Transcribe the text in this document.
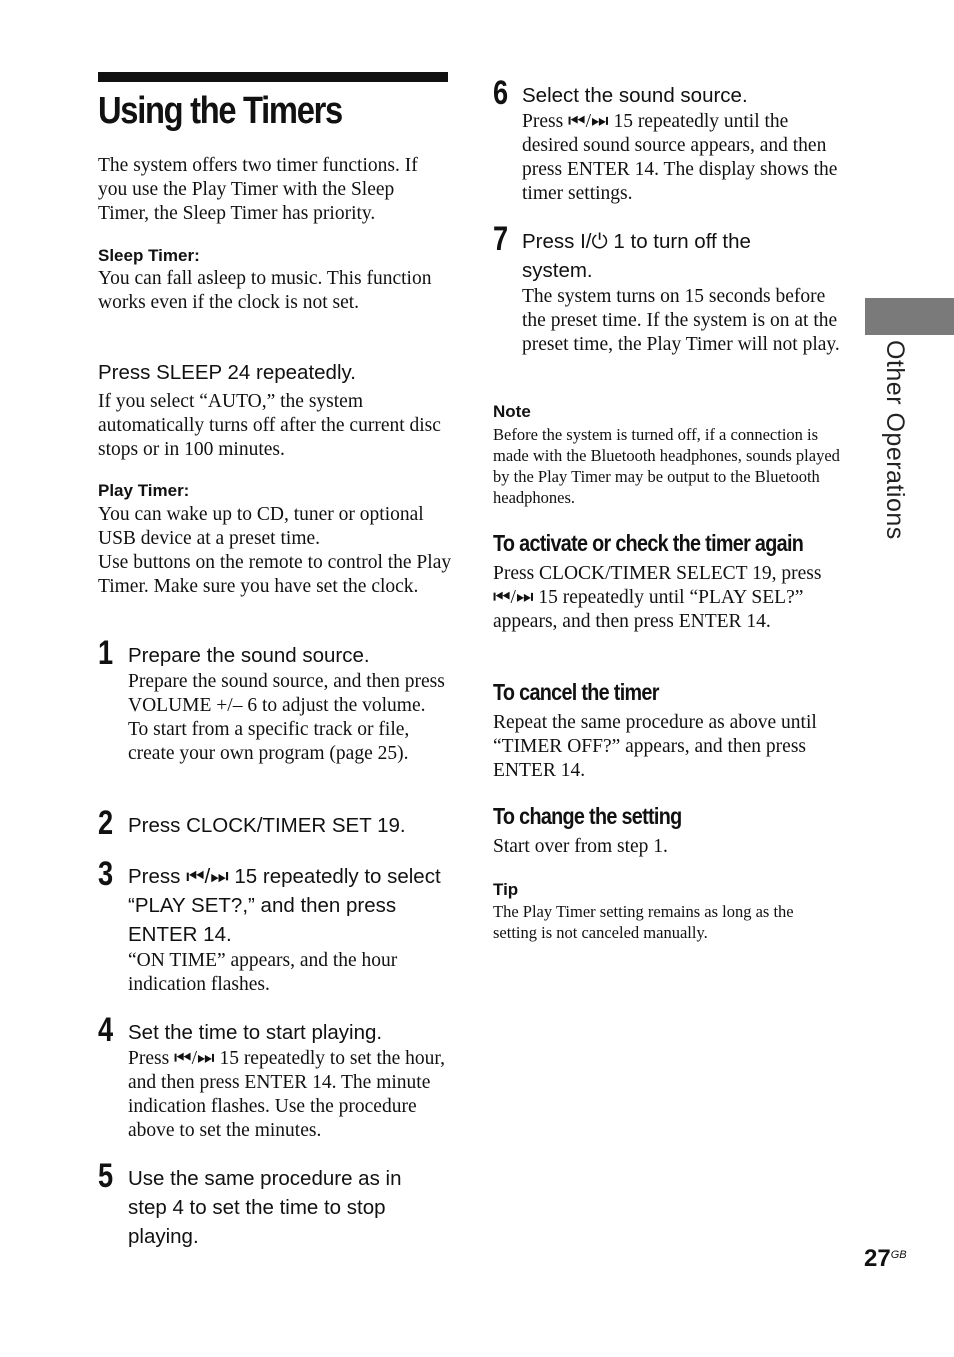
Using the Timers

The system offers two timer functions. If you use the Play Timer with the Sleep Timer, the Sleep Timer has priority.

Sleep Timer:

You can fall asleep to music. This function works even if the clock is not set.

Press SLEEP 24 repeatedly.

If you select “AUTO,” the system automatically turns off after the current disc stops or in 100 minutes.

Play Timer:

You can wake up to CD, tuner or optional USB device at a preset time.

Use buttons on the remote to control the Play Timer. Make sure you have set the clock.

1 Prepare the sound source.

Prepare the sound source, and then press VOLUME +/– 6 to adjust the volume.

To start from a specific track or file, create your own program (page 25).

2 Press CLOCK/TIMER SET 19.

3 Press ⏮/⏭ 15 repeatedly to select “PLAY SET?,” and then press ENTER 14.

“ON TIME” appears, and the hour indication flashes.

4 Set the time to start playing.

Press ⏮/⏭ 15 repeatedly to set the hour, and then press ENTER 14. The minute indication flashes. Use the procedure above to set the minutes.

5 Use the same procedure as in step 4 to set the time to stop playing.

6 Select the sound source.

Press ⏮/⏭ 15 repeatedly until the desired sound source appears, and then press ENTER 14. The display shows the timer settings.

7 Press I/⏻ 1 to turn off the system.

The system turns on 15 seconds before the preset time. If the system is on at the preset time, the Play Timer will not play.

Note

Before the system is turned off, if a connection is made with the Bluetooth headphones, sounds played by the Play Timer may be output to the Bluetooth headphones.

To activate or check the timer again

Press CLOCK/TIMER SELECT 19, press ⏮/⏭ 15 repeatedly until “PLAY SEL?” appears, and then press ENTER 14.

To cancel the timer

Repeat the same procedure as above until “TIMER OFF?” appears, and then press ENTER 14.

To change the setting

Start over from step 1.

Tip

The Play Timer setting remains as long as the setting is not canceled manually.

Other Operations
$27^{GB}$
